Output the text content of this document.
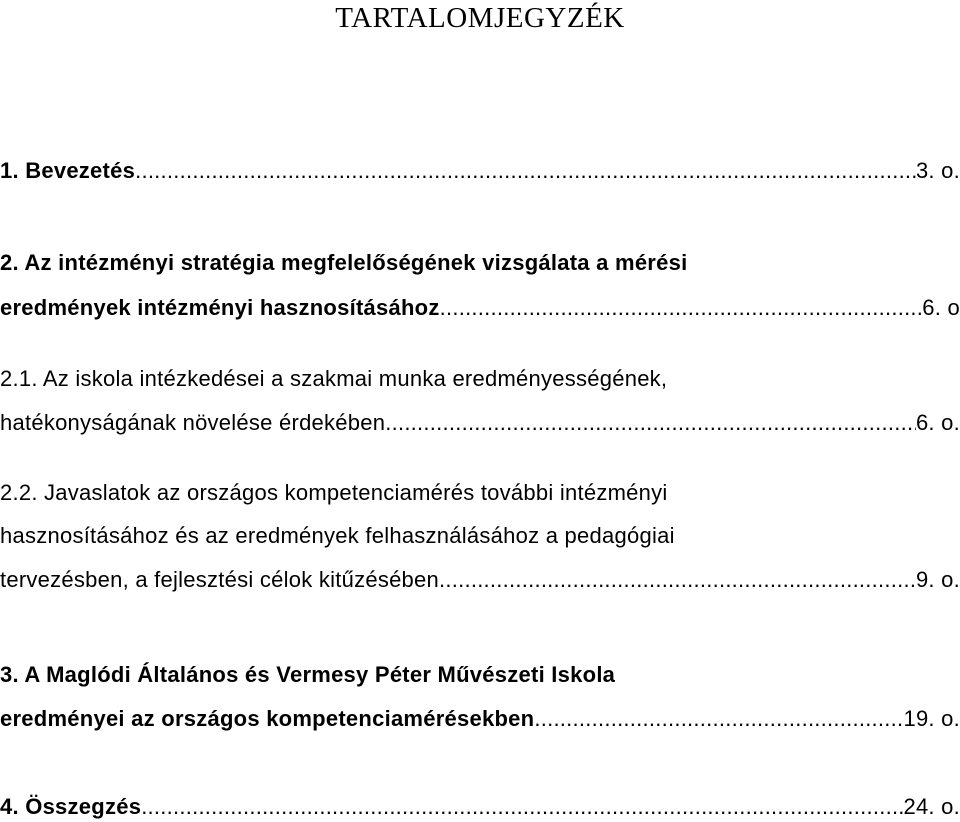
TARTALOMJEGYZÉK
1. Bevezetés .....	3. o.
2. Az intézményi stratégia megfelelőségének vizsgálata a mérési
eredmények intézményi hasznosításához .....	6. o
2.1. Az iskola intézkedései a szakmai munka eredményességének,
hatékonyságának növelése érdekében .....	6. o.
2.2. Javaslatok az országos kompetenciamérés további intézményi
hasznosításához és az eredmények felhasználásához a pedagógiai
tervezésben, a fejlesztési célok kitűzésében .....	9. o.
3. A Maglódi Általános és Vermesy Péter Művészeti Iskola
eredményei az országos kompetenciamérésekben .....	19. o.
4. Összegzés .....	24. o.
